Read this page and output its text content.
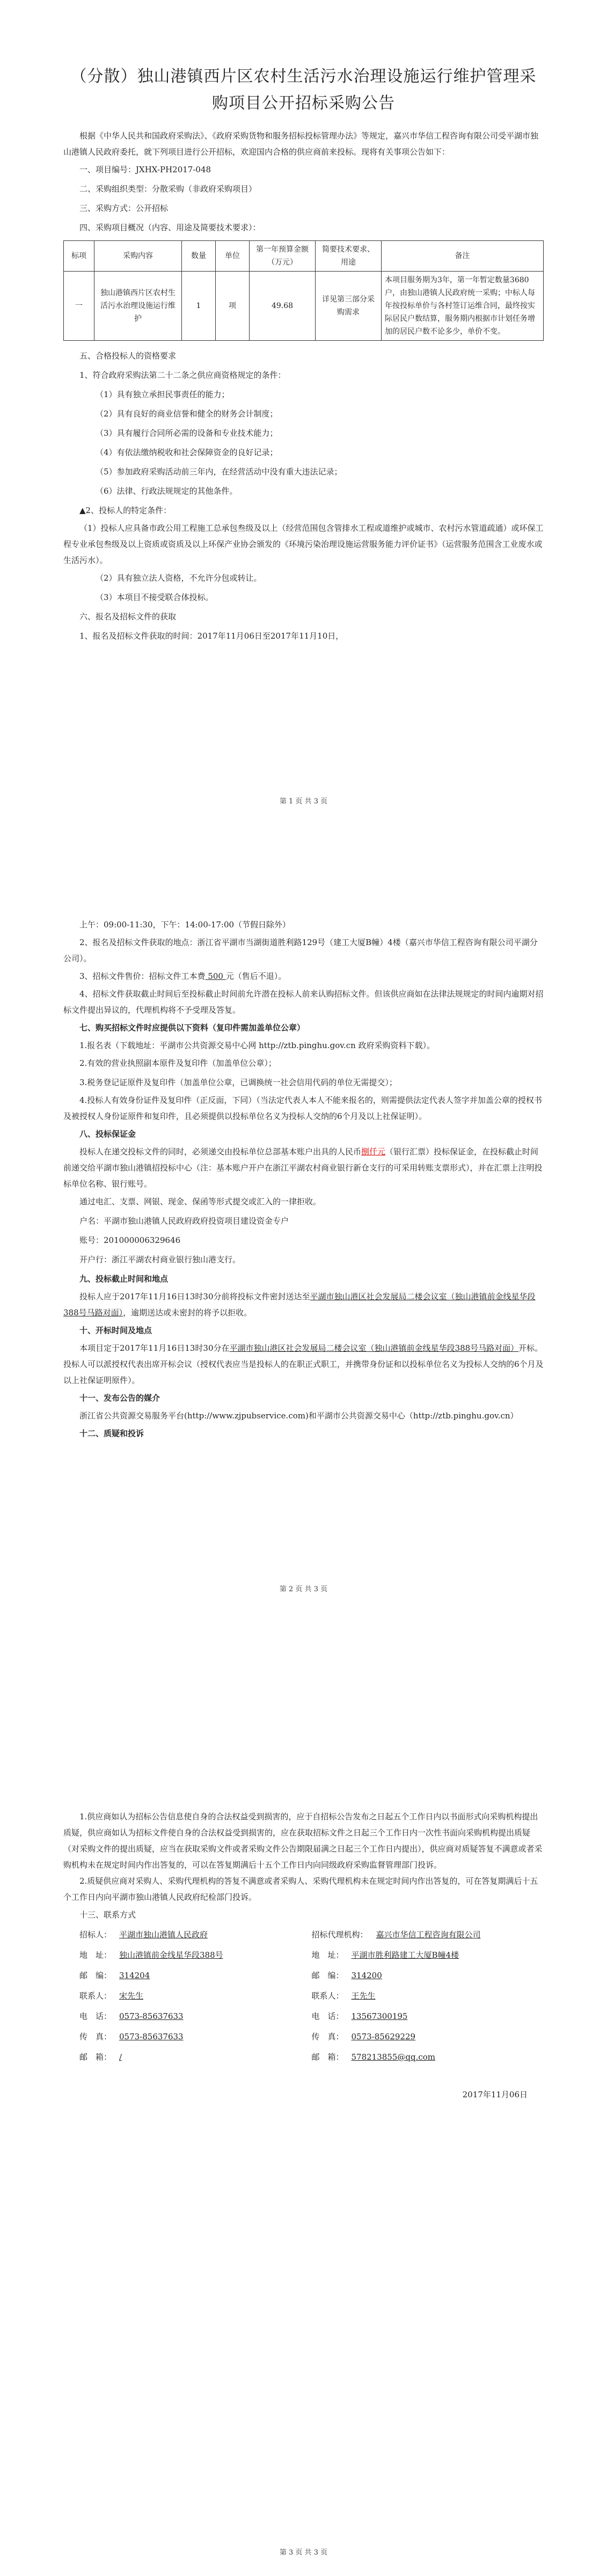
（分散）独山港镇西片区农村生活污水治理设施运行维护管理采购项目公开招标采购公告

根据《中华人民共和国政府采购法》、《政府采购货物和服务招标投标管理办法》等规定，嘉兴市华信工程咨询有限公司受平湖市独山港镇人民政府委托，就下列项目进行公开招标，欢迎国内合格的供应商前来投标。现将有关事项公告如下：

一、项目编号：JXHX-PH2017-048

二、采购组织类型：分散采购（非政府采购项目）

三、采购方式：公开招标

四、采购项目概况（内容、用途及简要技术要求）：

标项	采购内容	数量	单位	第一年预算金额（万元）	简要技术要求、用途	备注
一	独山港镇西片区农村生活污水治理设施运行维护	1	项	49.68	详见第三部分采购需求	本项目服务期为3年，第一年暂定数量3680户，由独山港镇人民政府统一采购；中标人每年按投标单价与各村签订运维合同，最终按实际居民户数结算，服务期内根据市计划任务增加的居民户数不论多少，单价不变。

五、合格投标人的资格要求

1、符合政府采购法第二十二条之供应商资格规定的条件：

（1）具有独立承担民事责任的能力；

（2）具有良好的商业信誉和健全的财务会计制度；

（3）具有履行合同所必需的设备和专业技术能力；

（4）有依法缴纳税收和社会保障资金的良好记录；

（5）参加政府采购活动前三年内，在经营活动中没有重大违法记录；

（6）法律、行政法规规定的其他条件。

▲2、投标人的特定条件：

（1）投标人应具备市政公用工程施工总承包叁级及以上（经营范围包含管排水工程或道维护或城市、农村污水管道疏通）或环保工程专业承包叁级及以上资质或资质及以上环保产业协会颁发的《环境污染治理设施运营服务能力评价证书》（运营服务范围含工业废水或生活污水）。

（2）具有独立法人资格，不允许分包或转让。

（3）本项目不接受联合体投标。

六、报名及招标文件的获取

1、报名及招标文件获取的时间：2017年11月06日至2017年11月10日，

第 1 页 共 3 页

上午：09:00-11:30，下午：14:00-17:00（节假日除外）

2、报名及招标文件获取的地点：浙江省平湖市当湖街道胜利路129号（建工大厦B幢）4楼（嘉兴市华信工程咨询有限公司平湖分公司）。

3、招标文件售价：招标文件工本费 500 元（售后不退）。

4、招标文件获取截止时间后至投标截止时间前允许潜在投标人前来认购招标文件。但该供应商如在法律法规规定的时间内逾期对招标文件提出异议的，代理机构将不予受理及答复。

七、购买招标文件时应提供以下资料（复印件需加盖单位公章）

1.报名表（下载地址：平湖市公共资源交易中心网 http://ztb.pinghu.gov.cn 政府采购资料下载）。

2.有效的营业执照副本原件及复印件（加盖单位公章）；

3.税务登记证原件及复印件（加盖单位公章，已调换统一社会信用代码的单位无需提交）；

4.投标人有效身份证件及复印件（正反面，下同）（当法定代表人本人不能来报名的，则需提供法定代表人签字并加盖公章的授权书及被授权人身份证原件和复印件，且必须提供以投标单位名义为投标人交纳的6个月及以上社保证明）。

八、投标保证金

投标人在递交投标文件的同时，必须递交由投标单位总部基本账户出具的人民币捌仟元（银行汇票）投标保证金，在投标截止时间前递交给平湖市独山港镇招投标中心（注：基本账户开户在浙江平湖农村商业银行新仓支行的可采用转账支票形式），并在汇票上注明投标单位名称、银行账号。

通过电汇、支票、网银、现金、保函等形式提交或汇入的一律拒收。

户名：平湖市独山港镇人民政府政府投资项目建设资金专户

账号：201000006329646

开户行：浙江平湖农村商业银行独山港支行。

九、投标截止时间和地点

投标人应于2017年11月16日13时30分前将投标文件密封送达至平湖市独山港区社会发展局二楼会议室（独山港镇前金线星华段388号马路对面），逾期送达或未密封的将予以拒收。

十、开标时间及地点

本项目定于2017年11月16日13时30分在平湖市独山港区社会发展局二楼会议室（独山港镇前金线星华段388号马路对面）开标。投标人可以派授权代表出席开标会议（授权代表应当是投标人的在职正式职工，并携带身份证和以投标单位名义为投标人交纳的6个月及以上社保证明原件）。

十一、发布公告的媒介

浙江省公共资源交易服务平台(http://www.zjpubservice.com)和平湖市公共资源交易中心（http://ztb.pinghu.gov.cn）

十二、质疑和投诉

第 2 页 共 3 页

1.供应商如认为招标公告信息使自身的合法权益受到损害的，应于自招标公告发布之日起五个工作日内以书面形式向采购机构提出质疑，供应商如认为招标文件使自身的合法权益受到损害的，应在获取招标文件之日起三个工作日内一次性书面向采购机构提出质疑（对采购文件的提出质疑，应当在获取采购文件或者采购文件公告期限届满之日起三个工作日内提出），供应商对质疑答复不满意或者采购机构未在规定时间内作出答复的，可以在答复期满后十五个工作日内向同级政府采购监督管理部门投诉。

2.质疑供应商对采购人、采购代理机构的答复不满意或者采购人、采购代理机构未在规定时间内作出答复的，可在答复期满后十五个工作日内向平湖市独山港镇人民政府纪检部门投诉。

十三、联系方式

招标人： 平湖市独山港镇人民政府
地　址： 独山港镇前金线星华段388号
邮　编： 314204
联系人： 宋先生
电　话： 0573-85637633
传　真： 0573-85637633
邮　箱： /
招标代理机构： 嘉兴市华信工程咨询有限公司
地　址： 平湖市胜利路建工大厦B幢4楼
邮　编： 314200
联系人： 王先生
电　话： 13567300195
传　真： 0573-85629229
邮　箱： 578213855@qq.com
2017年11月06日
第 3 页 共 3 页
